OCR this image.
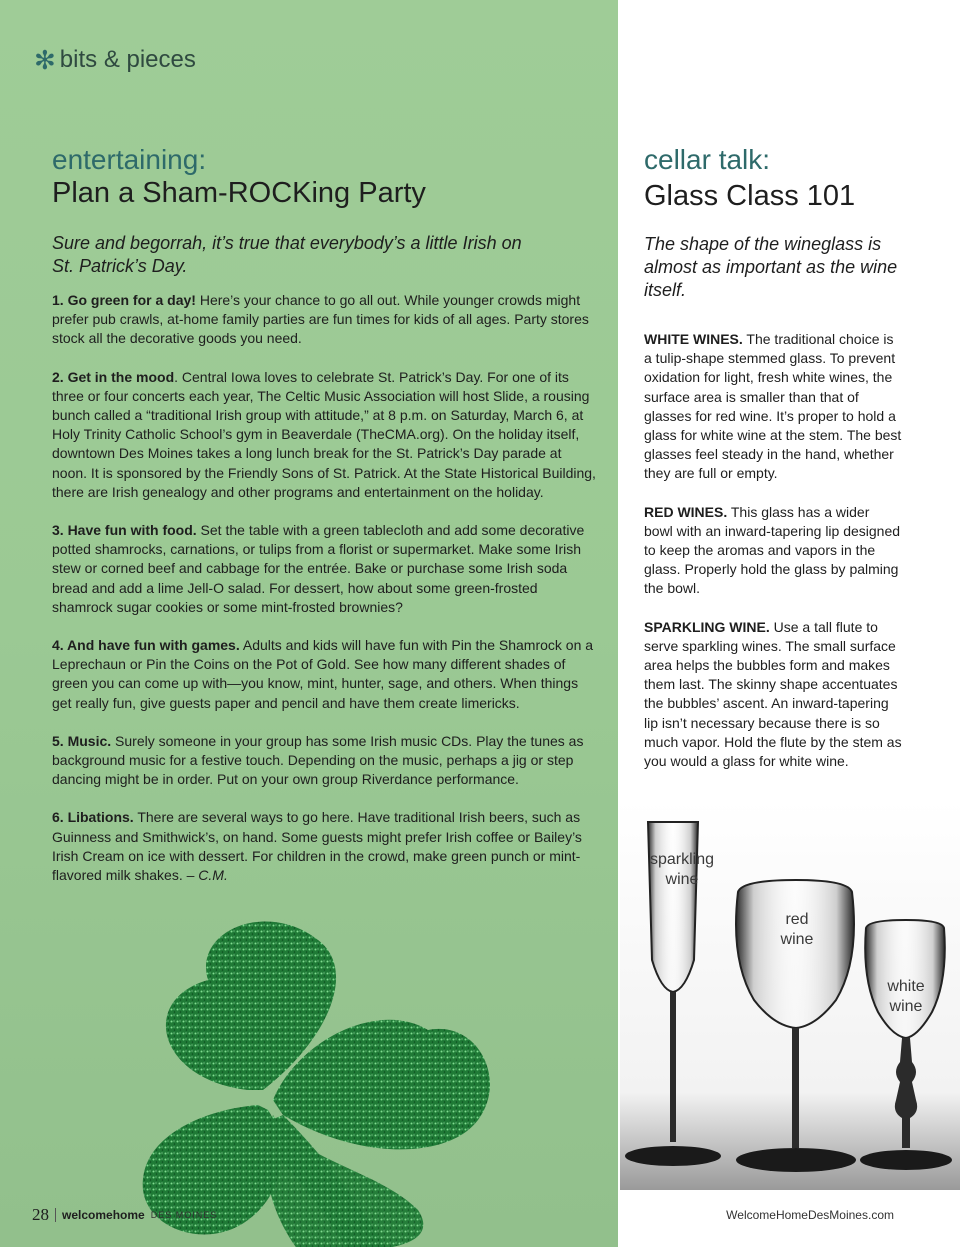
✻ bits & pieces
entertaining:
Plan a Sham-ROCKing Party
Sure and begorrah, it’s true that everybody’s a little Irish on
St. Patrick’s Day.

1. Go green for a day! Here’s your chance to go all out. While younger crowds might prefer pub crawls, at-home family parties are fun times for kids of all ages. Party stores stock all the decorative goods you need.

2. Get in the mood. Central Iowa loves to celebrate St. Patrick’s Day. For one of its three or four concerts each year, The Celtic Music Association will host Slide, a rousing bunch called a “traditional Irish group with attitude,” at 8 p.m. on Saturday, March 6, at Holy Trinity Catholic School’s gym in Beaverdale (TheCMA.org). On the holiday itself, downtown Des Moines takes a long lunch break for the St. Patrick’s Day parade at noon. It is sponsored by the Friendly Sons of St. Patrick. At the State Historical Building, there are Irish genealogy and other programs and entertainment on the holiday.

3. Have fun with food. Set the table with a green tablecloth and add some decorative potted shamrocks, carnations, or tulips from a florist or supermarket. Make some Irish stew or corned beef and cabbage for the entrée. Bake or purchase some Irish soda bread and add a lime Jell-O salad. For dessert, how about some green-frosted shamrock sugar cookies or some mint-frosted brownies?

4. And have fun with games. Adults and kids will have fun with Pin the Shamrock on a Leprechaun or Pin the Coins on the Pot of Gold. See how many different shades of green you can come up with—you know, mint, hunter, sage, and others. When things get really fun, give guests paper and pencil and have them create limericks.

5. Music. Surely someone in your group has some Irish music CDs. Play the tunes as background music for a festive touch. Depending on the music, perhaps a jig or step dancing might be in order. Put on your own group Riverdance performance.

6. Libations. There are several ways to go here. Have traditional Irish beers, such as Guinness and Smithwick’s, on hand. Some guests might prefer Irish coffee or Bailey’s Irish Cream on ice with dessert. For children in the crowd, make green punch or mint-flavored milk shakes. – C.M.

28 welcomehome DES MOINES
cellar talk:
Glass Class 101
The shape of the wineglass is almost as important as the wine itself.

WHITE WINES. The traditional choice is a tulip-shape stemmed glass. To prevent oxidation for light, fresh white wines, the surface area is smaller than that of glasses for red wine. It’s proper to hold a glass for white wine at the stem. The best glasses feel steady in the hand, whether they are full or empty.

RED WINES. This glass has a wider bowl with an inward-tapering lip designed to keep the aromas and vapors in the glass. Properly hold the glass by palming the bowl.

SPARKLING WINE. Use a tall flute to serve sparkling wines. The small surface area helps the bubbles form and makes them last. The skinny shape accentuates the bubbles’ ascent. An inward-tapering lip isn’t necessary because there is so much vapor. Hold the flute by the stem as you would a glass for white wine.

WelcomeHomeDesMoines.com
sparkling wine
red wine
white wine
